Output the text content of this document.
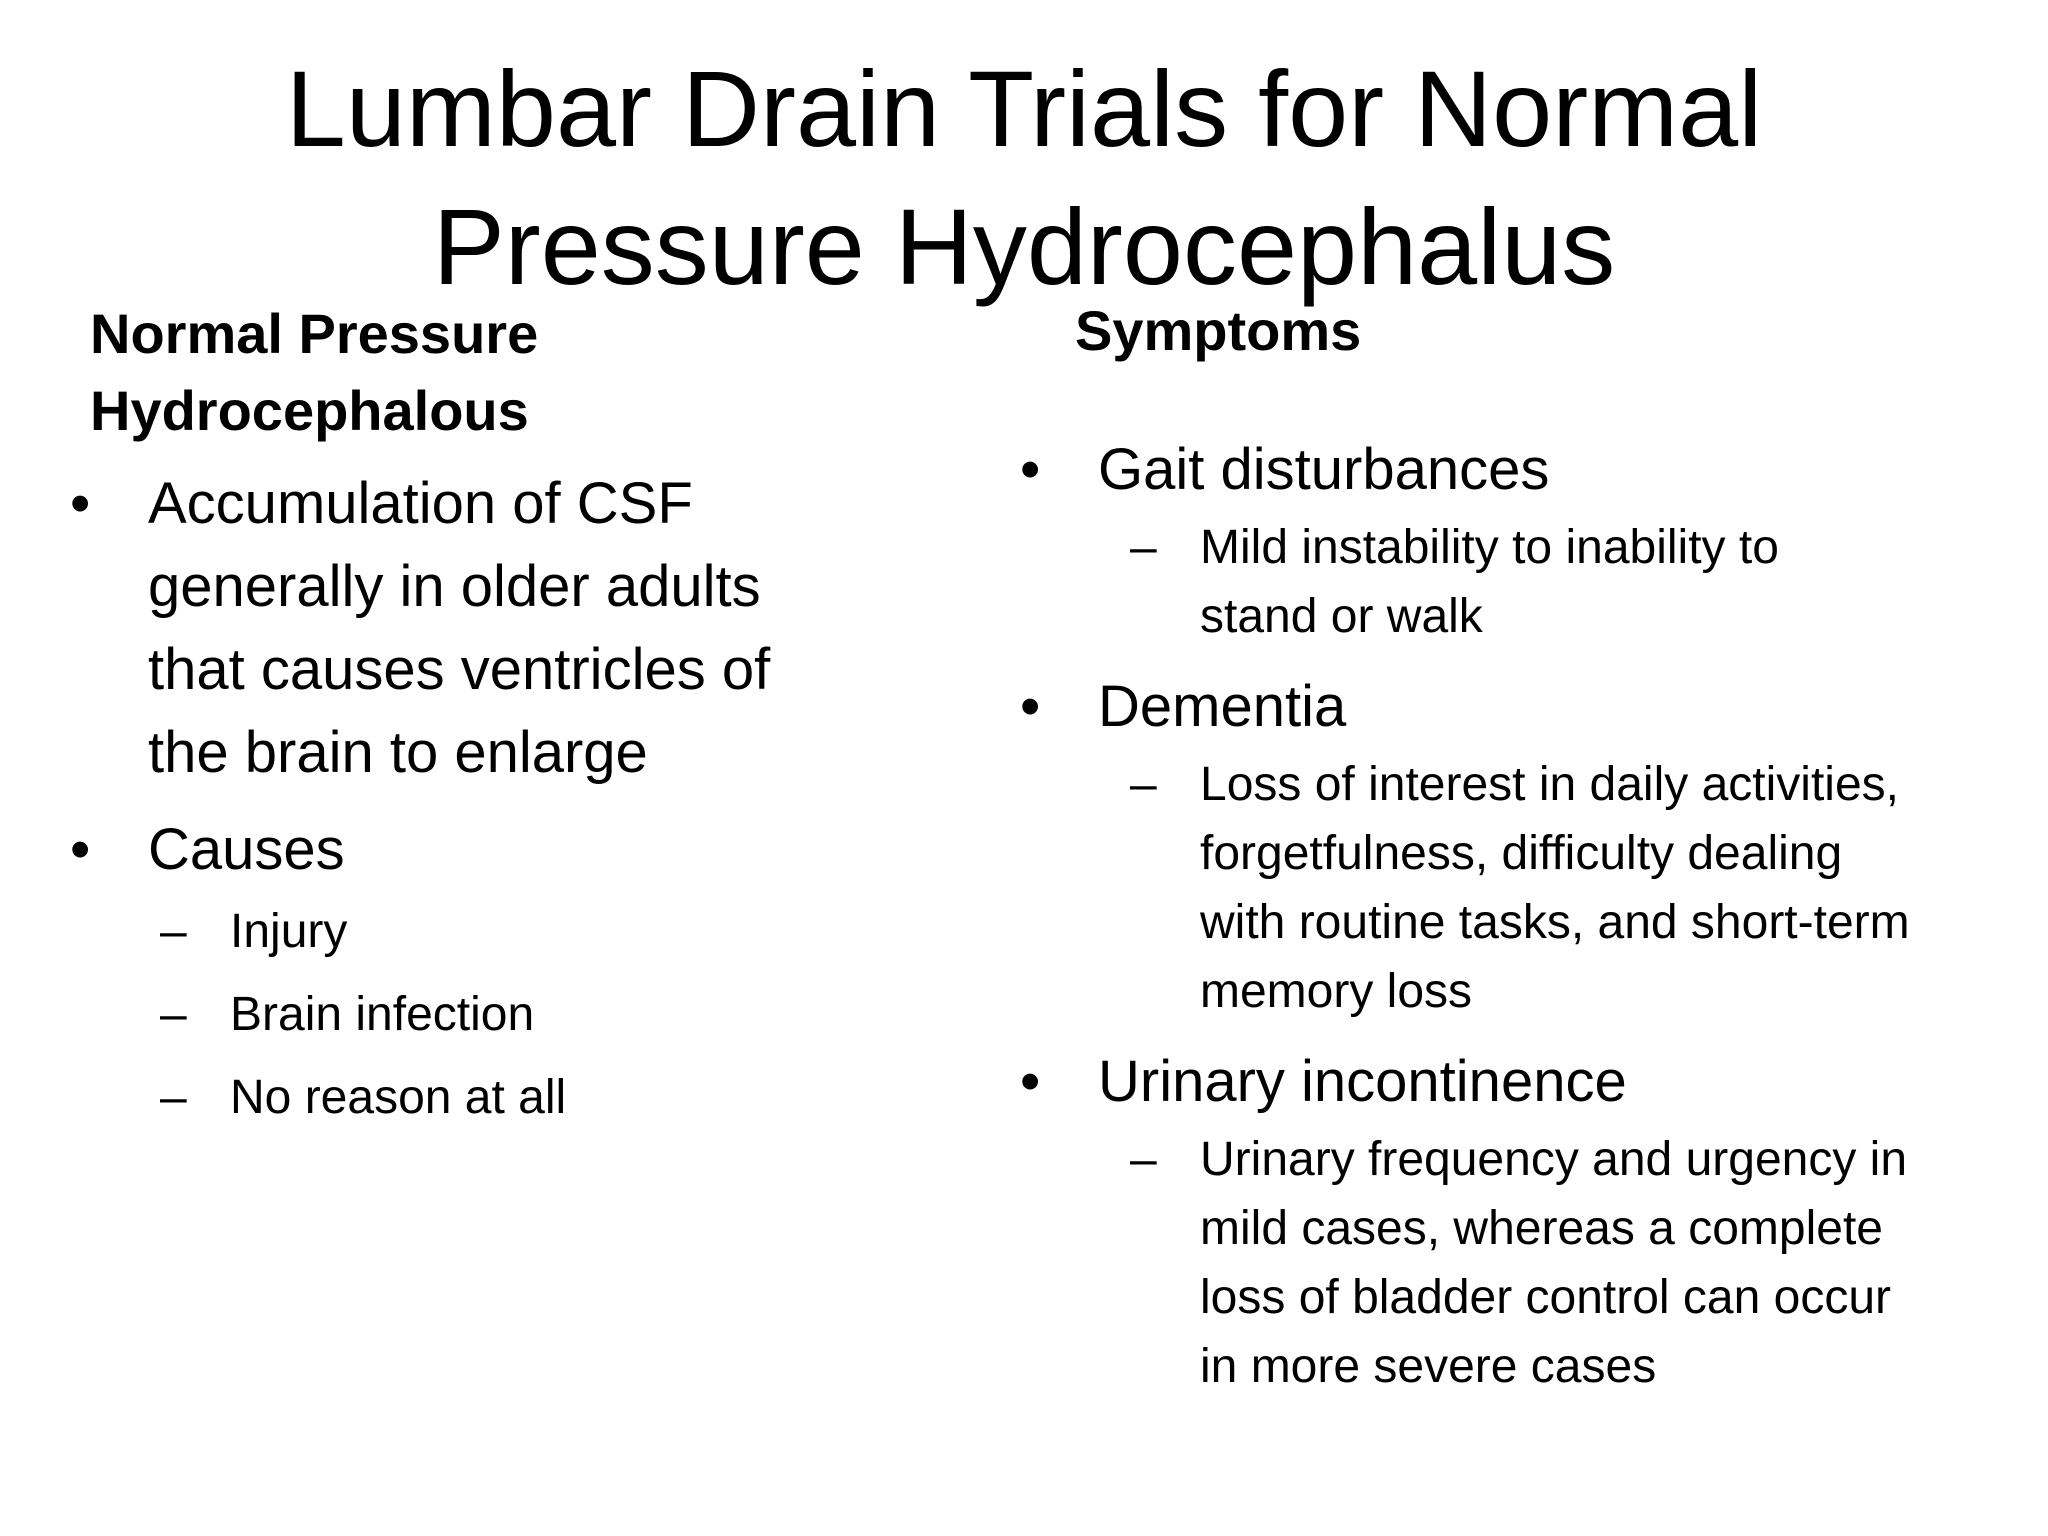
Lumbar Drain Trials for Normal
Pressure Hydrocephalus
Normal Pressure
Hydrocephalous
• Accumulation of CSF
generally in older adults
that causes ventricles of
the brain to enlarge
• Causes
– Injury
– Brain infection
– No reason at all
Symptoms
• Gait disturbances
– Mild instability to inability to
stand or walk
• Dementia
– Loss of interest in daily activities,
forgetfulness, difficulty dealing
with routine tasks, and short-term
memory loss
• Urinary incontinence
– Urinary frequency and urgency in
mild cases, whereas a complete
loss of bladder control can occur
in more severe cases
